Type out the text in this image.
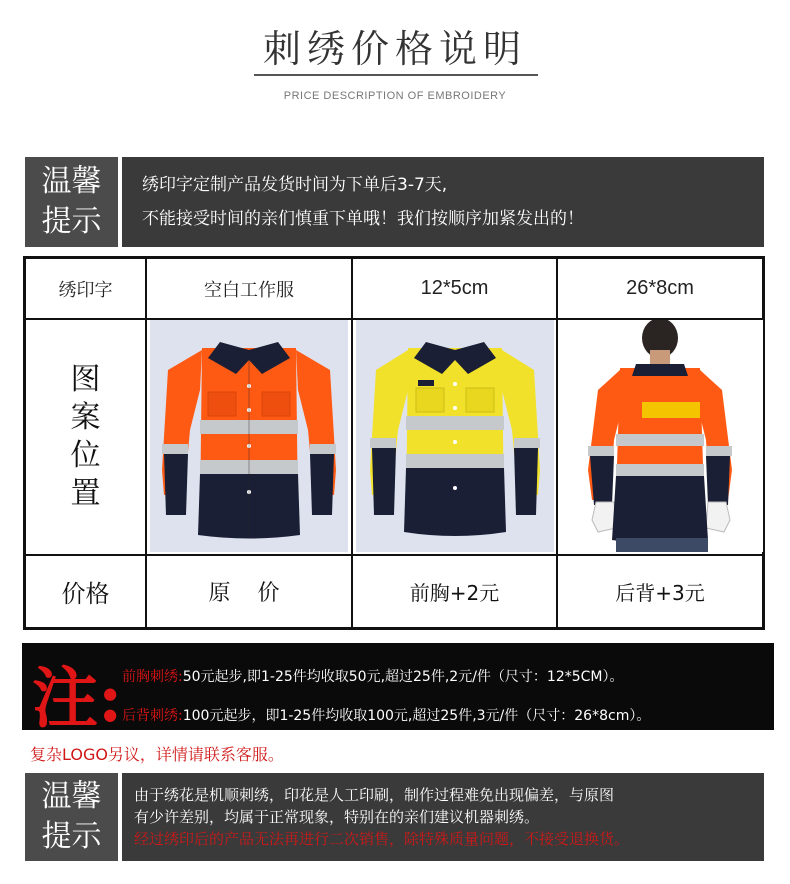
刺绣价格说明
PRICE DESCRIPTION OF EMBROIDERY
温馨
提示
绣印字定制产品发货时间为下单后3-7天,
不能接受时间的亲们慎重下单哦！我们按顺序加紧发出的！
绣印字	空白工作服	12*5cm	26*8cm
图
案
位
置
价格	原 价	前胸+2元	后背+3元
注: 前胸刺绣:50元起步,即1-25件均收取50元,超过25件,2元/件（尺寸：12*5CM）。
后背刺绣:100元起步，即1-25件均收取100元,超过25件,3元/件（尺寸：26*8cm）。
复杂LOGO另议，详情请联系客服。
温馨
提示
由于绣花是机顺刺绣，印花是人工印刷，制作过程难免出现偏差，与原图
有少许差别，均属于正常现象，特别在的亲们建议机器刺绣。
经过绣印后的产品无法再进行二次销售，除特殊质量问题，不接受退换货。
